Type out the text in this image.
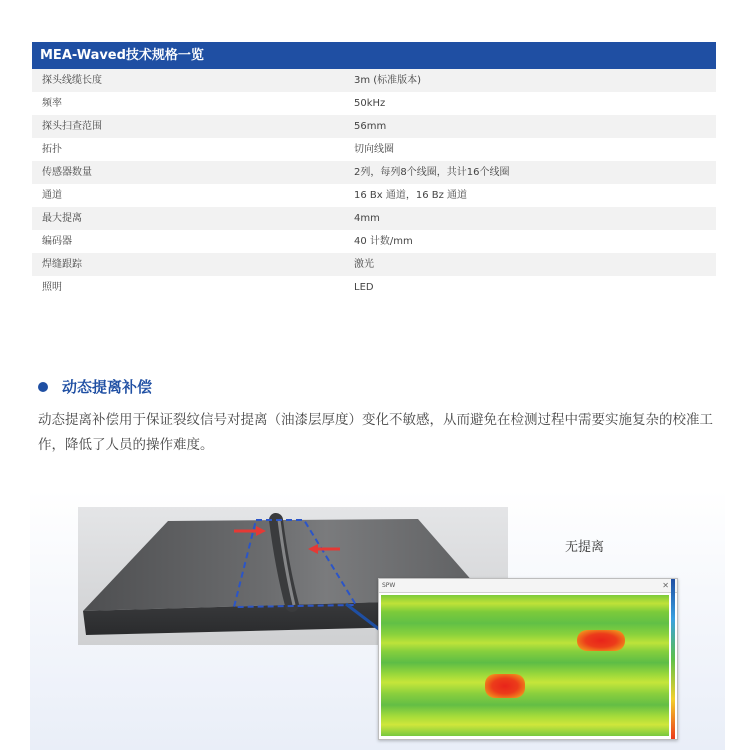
MEA-Waved技术规格一览
探头线缆长度	3m (标准版本)
频率	50kHz
探头扫查范围	56mm
拓扑	切向线圈
传感器数量	2列，每列8个线圈，共计16个线圈
通道	16 Bx 通道，16 Bz 通道
最大提离	4mm
编码器	40 计数/mm
焊缝跟踪	激光
照明	LED
动态提离补偿
动态提离补偿用于保证裂纹信号对提离（油漆层厚度）变化不敏感，从而避免在检测过程中需要实施复杂的校准工作，降低了人员的操作难度。
无提离
SPW	✕
